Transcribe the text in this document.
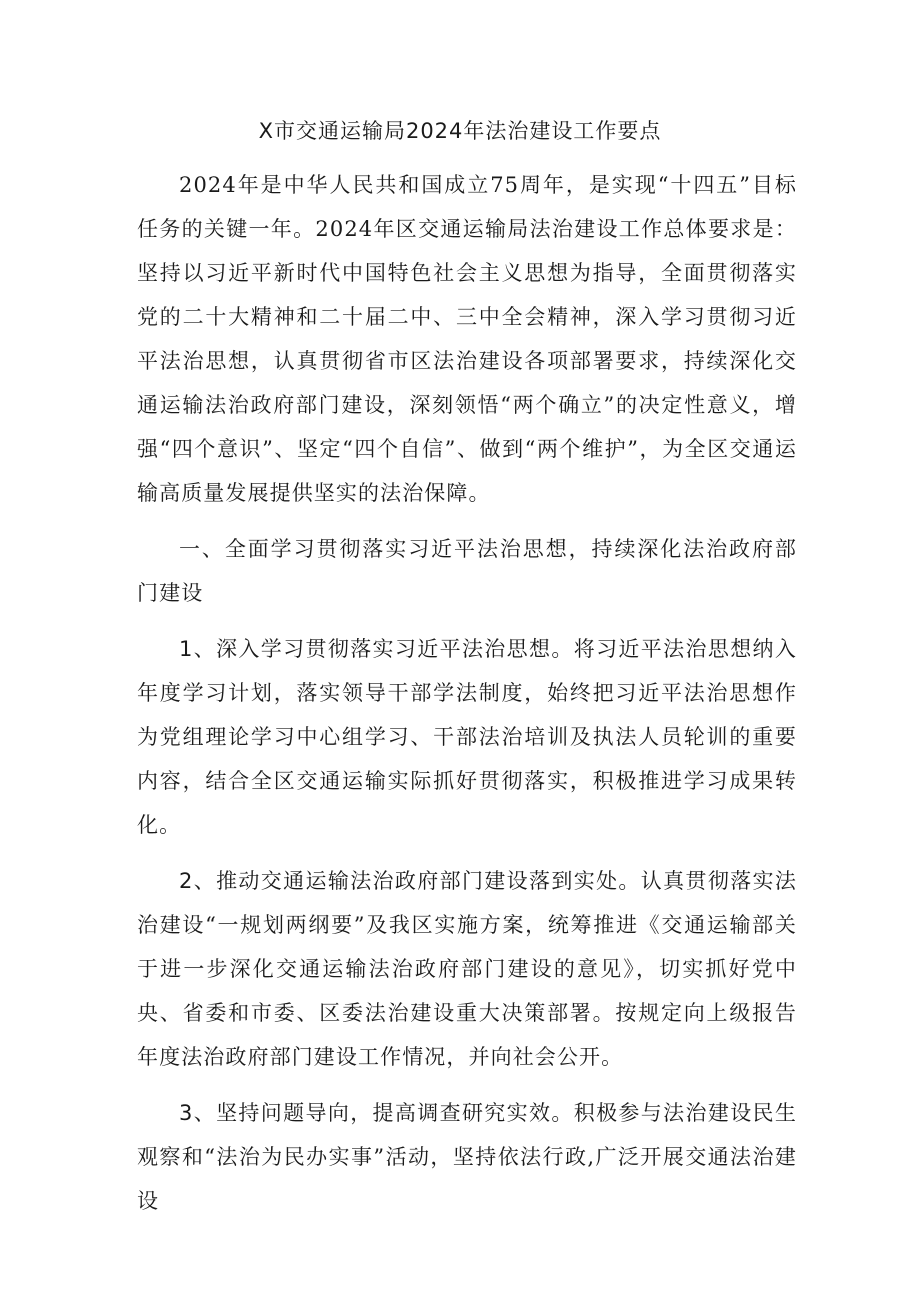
X市交通运输局2024年法治建设工作要点

2024年是中华人民共和国成立75周年，是实现“十四五”目标任务的关键一年。2024年区交通运输局法治建设工作总体要求是：坚持以习近平新时代中国特色社会主义思想为指导，全面贯彻落实党的二十大精神和二十届二中、三中全会精神，深入学习贯彻习近平法治思想，认真贯彻省市区法治建设各项部署要求，持续深化交通运输法治政府部门建设，深刻领悟“两个确立”的决定性意义，增强“四个意识”、坚定“四个自信”、做到“两个维护”，为全区交通运输高质量发展提供坚实的法治保障。

一、全面学习贯彻落实习近平法治思想，持续深化法治政府部门建设

1、深入学习贯彻落实习近平法治思想。将习近平法治思想纳入年度学习计划，落实领导干部学法制度，始终把习近平法治思想作为党组理论学习中心组学习、干部法治培训及执法人员轮训的重要内容，结合全区交通运输实际抓好贯彻落实，积极推进学习成果转化。

2、推动交通运输法治政府部门建设落到实处。认真贯彻落实法治建设“一规划两纲要”及我区实施方案，统筹推进《交通运输部关于进一步深化交通运输法治政府部门建设的意见》，切实抓好党中央、省委和市委、区委法治建设重大决策部署。按规定向上级报告年度法治政府部门建设工作情况，并向社会公开。

3、坚持问题导向，提高调查研究实效。积极参与法治建设民生观察和“法治为民办实事”活动，坚持依法行政,广泛开展交通法治建设
